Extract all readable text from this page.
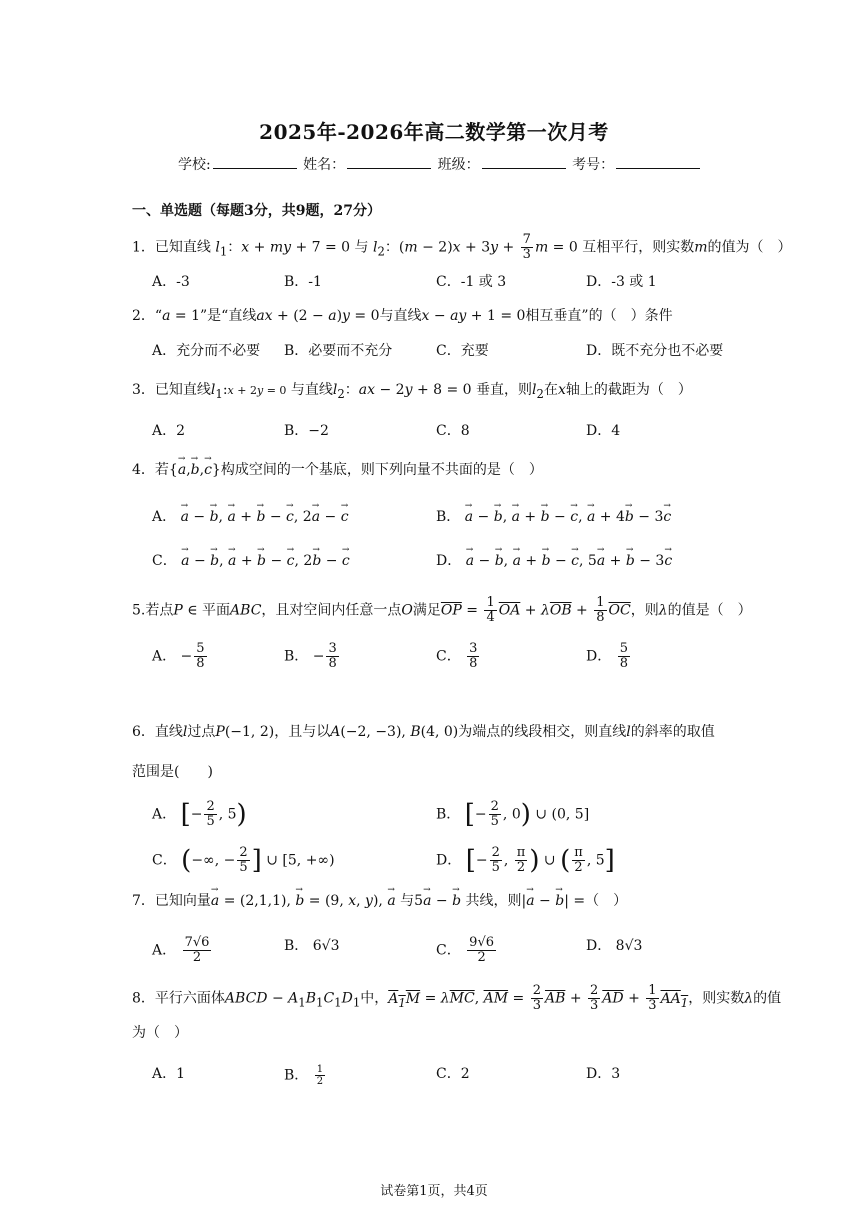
2025年-2026年高二数学第一次月考
学校:	姓名：	班级：	考号：
一、单选题（每题3分，共9题，27分）
1．已知直线 $l_1$：x + my + 7 = 0 与 $l_2$：$(m - 2)x + 3y + \frac{7}{3}$ m = 0 互相平行，则实数m的值为（　）
A．-3	B．-1	C．-1 或 3	D．-3 或 1
2．“a = 1”是“直线ax + (2 − a)y = 0与直线x − ay + 1 = 0相互垂直”的（　）条件
A．充分而不必要 B．必要而不充分	C．充要	D．既不充分也不必要
3．已知直线$l_1:x + 2y = 0$ 与直线$l_2$：ax − 2y + 8 = 0 垂直，则$l_2$在x轴上的截距为（　）
A．2	B．−2	C．8	D．4
4．若{→ a,→ b,→ c}构成空间的一个基底，则下列向量不共面的是（　）
A． → a − → b, → a + → b − → c, 2→ a − → c	B． → a − → b, → a + → b − → c, → a + 4→ b − 3→ c
C． → a − → b, → a + → b − → c, 2→ b − → c	D． → a − → b, → a + → b − → c, 5→ a + → b − 3→ c
5.若点P ∈ 平面ABC，且对空间内任意一点O满足$\overline{OP} = \frac{1}{4} \overline{OA} + \lambda\overline{OB} + \frac{1}{8} \overline{OC}$，则λ的值是（　）
A． − $\frac{5}{8}$	B． − $\frac{3}{8}$	C． $\frac{3}{8}$	D． $\frac{5}{8}$
6．直线l过点P(−1, 2)，且与以A(−2, −3), B(4, 0)为端点的线段相交，则直线l的斜率的取值
范围是(　　)
A． [− $\frac{2}{5}$ , 5)	B． [− $\frac{2}{5}$ , 0) ∪ (0, 5]
C． (−∞, − $\frac{2}{5}$ ] ∪ [5, +∞)	D． [− $\frac{2}{5}$ , $\frac{\pi}{2}$ ) ∪ ( $\frac{\pi}{2}$ , 5]
7．已知向量→ a = (2,1,1), → b = (9, x, y), → a 与5→ a − → b 共线，则|→ a − → b| =（　）
A． $\frac{7√6}{2}$	B． 6√3	C． $\frac{9√6}{2}$	D． 8√3
8．平行六面体ABCD − $A_1B_1C_1D_1$中，$A_1M = \lambda\overline{MC}$, $\overline{AM} = \frac{2}{3} \overline{AB} + \frac{2}{3} \overline{AD} + \frac{1}{3} AA_1$，则实数λ的值
为（　）
A．1	B． $\frac{1}{2}$	C．2	D．3
试卷第1页，共4页
